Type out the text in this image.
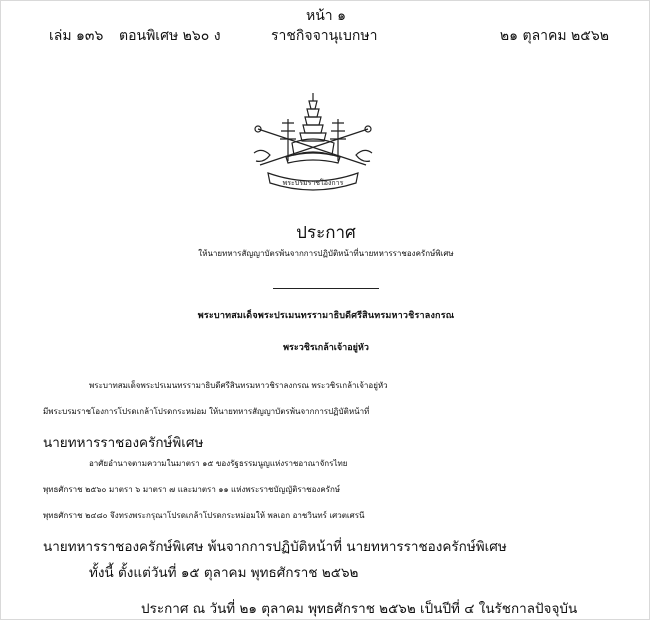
หน้า ๑
เล่ม ๑๓๖ ตอนพิเศษ ๒๖๐ ง	ราชกิจจานุเบกษา	๒๑ ตุลาคม ๒๕๖๒
พระบรมราชโองการ
ประกาศ
ให้นายทหารสัญญาบัตรพ้นจากการปฏิบัติหน้าที่นายทหารราชองครักษ์พิเศษ
พระบาทสมเด็จพระปรเมนทรรามาธิบดีศรีสินทรมหาวชิราลงกรณ
พระวชิรเกล้าเจ้าอยู่หัว
พระบาทสมเด็จพระปรเมนทรรามาธิบดีศรีสินทรมหาวชิราลงกรณ พระวชิรเกล้าเจ้าอยู่หัว
มีพระบรมราชโองการโปรดเกล้าโปรดกระหม่อม ให้นายทหารสัญญาบัตรพ้นจากการปฏิบัติหน้าที่
นายทหารราชองครักษ์พิเศษ
อาศัยอำนาจตามความในมาตรา ๑๕ ของรัฐธรรมนูญแห่งราชอาณาจักรไทย
พุทธศักราช ๒๕๖๐ มาตรา ๖ มาตรา ๗ และมาตรา ๑๑ แห่งพระราชบัญญัติราชองครักษ์
พุทธศักราช ๒๔๘๐ จึงทรงพระกรุณาโปรดเกล้าโปรดกระหม่อมให้ พลเอก อาชวินทร์ เศวตเศรนี
นายทหารราชองครักษ์พิเศษ พ้นจากการปฏิบัติหน้าที่ นายทหารราชองครักษ์พิเศษ
ทั้งนี้ ตั้งแต่วันที่ ๑๕ ตุลาคม พุทธศักราช ๒๕๖๒
ประกาศ ณ วันที่ ๒๑ ตุลาคม พุทธศักราช ๒๕๖๒ เป็นปีที่ ๔ ในรัชกาลปัจจุบัน
